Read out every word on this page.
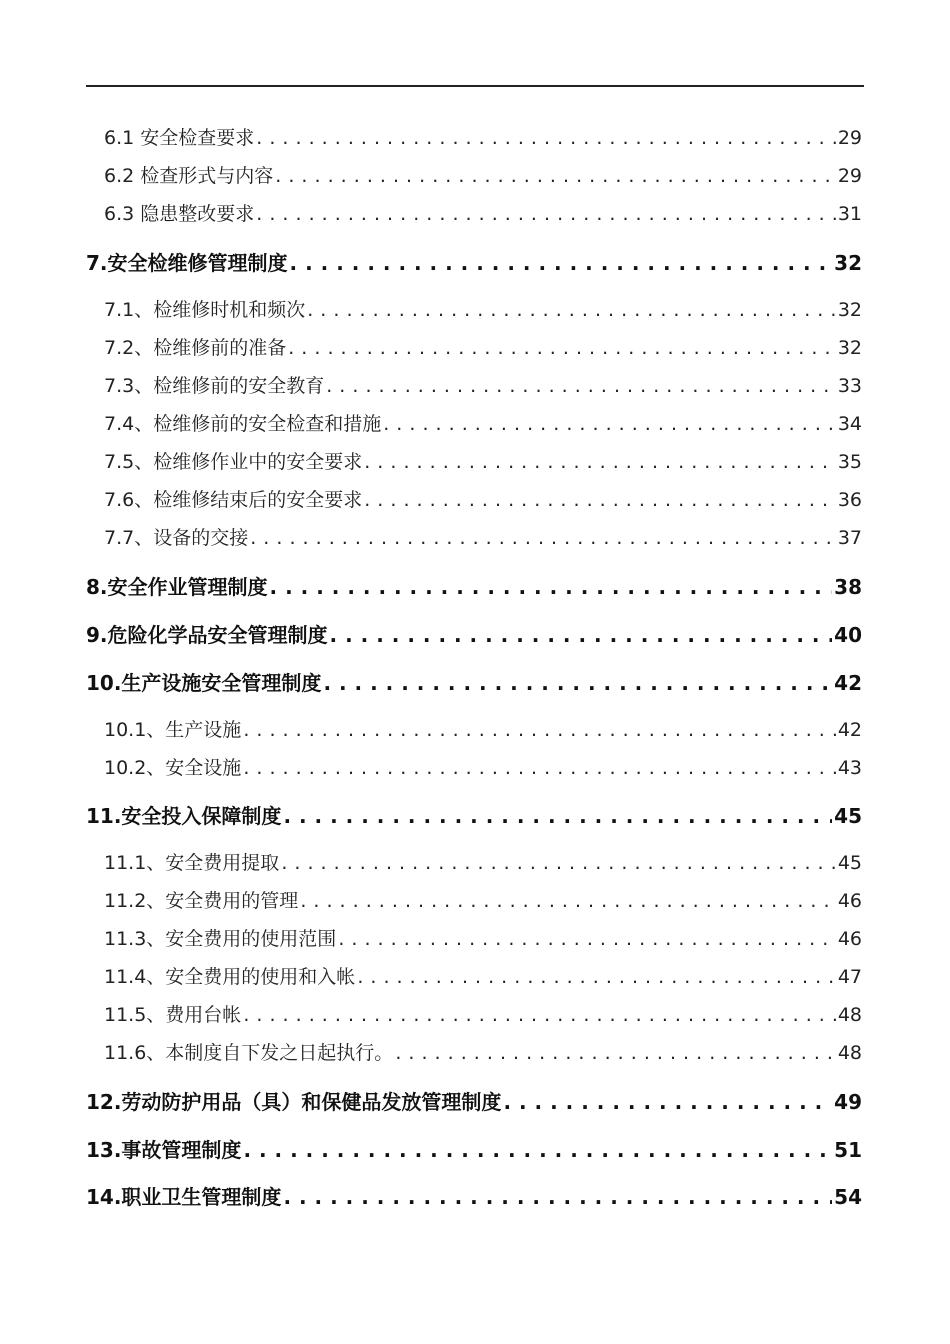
6.1 安全检查要求 . . .	29
6.2 检查形式与内容 . . .	29
6.3 隐患整改要求 . . .	31
7.安全检维修管理制度 . . .	32
7.1、检维修时机和频次 . . .	32
7.2、检维修前的准备 . . .	32
7.3、检维修前的安全教育 . . .	33
7.4、检维修前的安全检查和措施 . . .	34
7.5、检维修作业中的安全要求 . . .	35
7.6、检维修结束后的安全要求 . . .	36
7.7、设备的交接 . . .	37
8.安全作业管理制度 . . .	38
9.危险化学品安全管理制度 . . .	40
10.生产设施安全管理制度 . . .	42
10.1、生产设施 . . .	42
10.2、安全设施 . . .	43
11.安全投入保障制度 . . .	45
11.1、安全费用提取 . . .	45
11.2、安全费用的管理 . . .	46
11.3、安全费用的使用范围 . . .	46
11.4、安全费用的使用和入帐 . . .	47
11.5、费用台帐 . . .	48
11.6、本制度自下发之日起执行。 . . .	48
12.劳动防护用品（具）和保健品发放管理制度 . . .	49
13.事故管理制度 . . .	51
14.职业卫生管理制度 . . .	54
